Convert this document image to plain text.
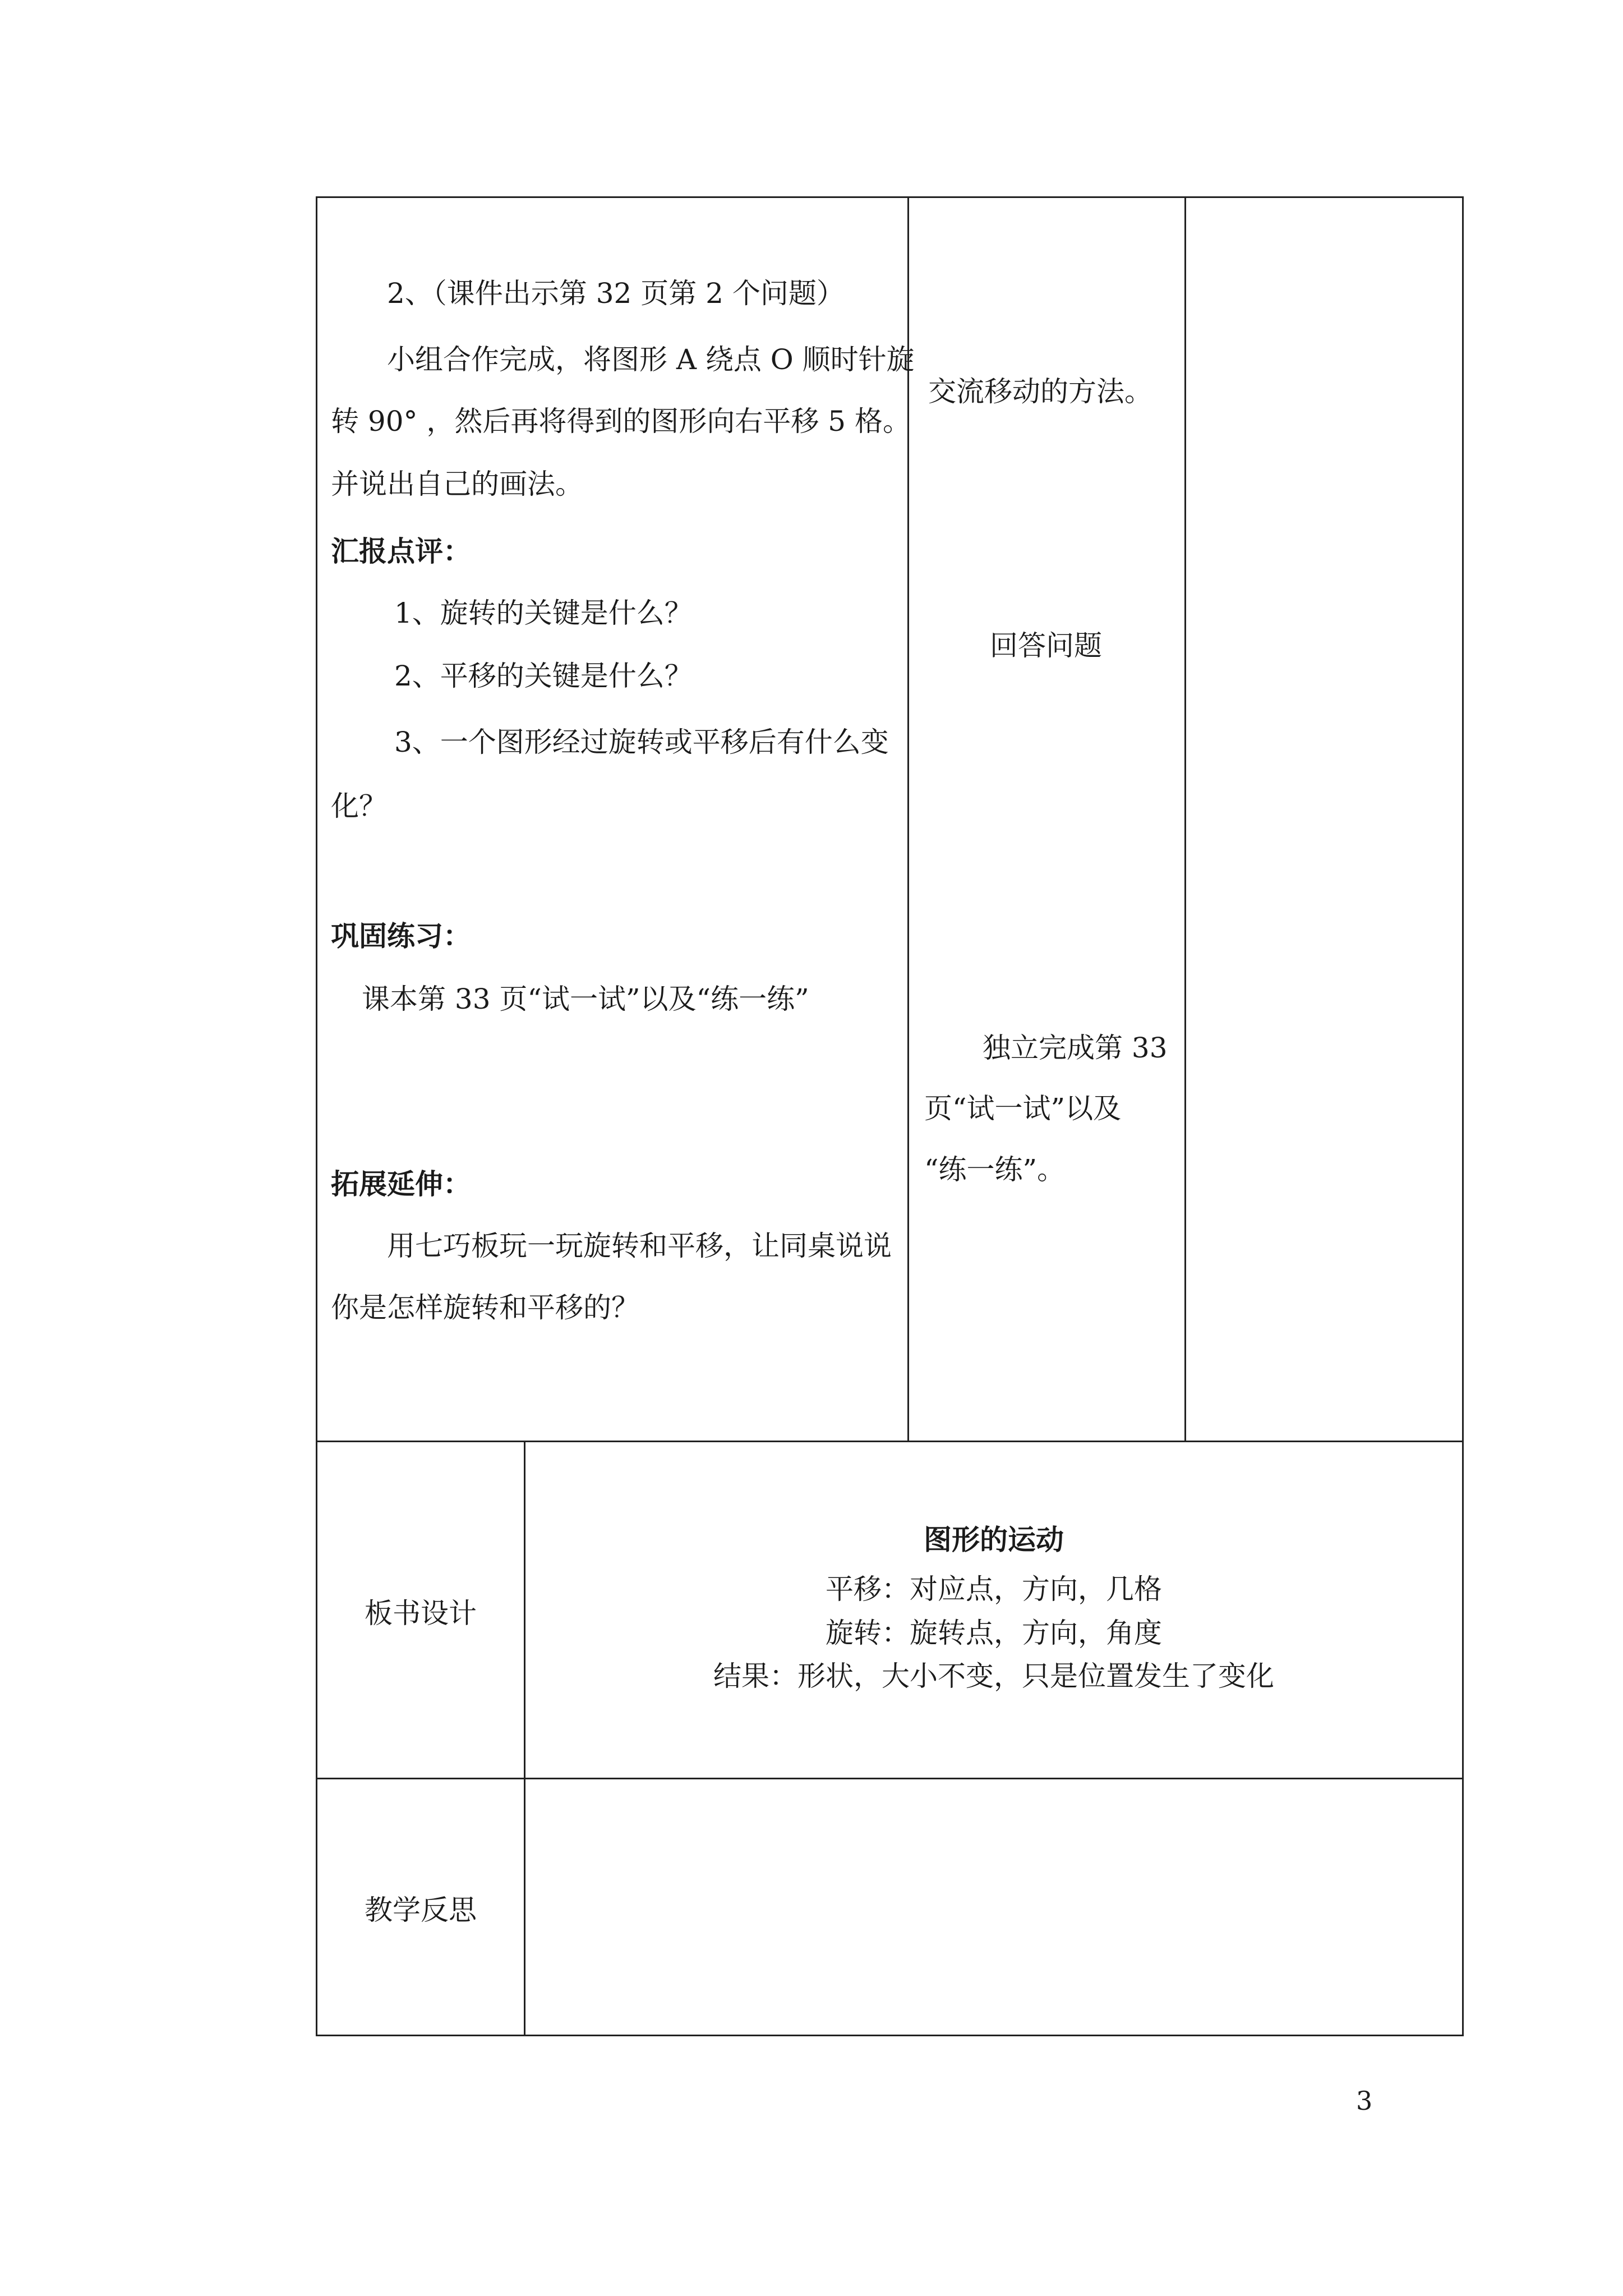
2、（课件出示第 32 页第 2 个问题）
小组合作完成，将图形 A 绕点 O 顺时针旋
转 90° ，然后再将得到的图形向右平移 5 格。
并说出自己的画法。
汇报点评：
1、旋转的关键是什么？
2、平移的关键是什么？
3、一个图形经过旋转或平移后有什么变
化？
巩固练习：
课本第 33 页“试一试”以及“练一练”
拓展延伸：
用七巧板玩一玩旋转和平移，让同桌说说
你是怎样旋转和平移的？
交流移动的方法。
回答问题
独立完成第 33
页“试一试”以及
“练一练”。
板书设计
图形的运动
平移：对应点，方向，几格
旋转：旋转点，方向，角度
结果：形状，大小不变，只是位置发生了变化
教学反思
3
